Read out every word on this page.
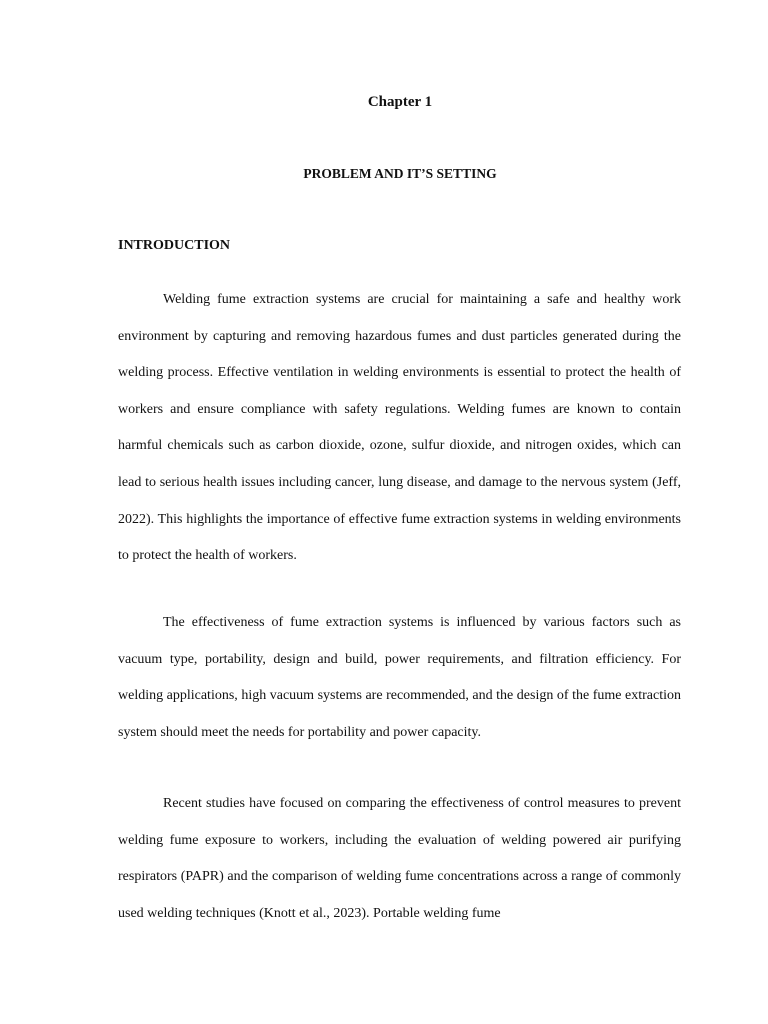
Chapter 1
PROBLEM AND IT’S SETTING
INTRODUCTION

Welding fume extraction systems are crucial for maintaining a safe and healthy work environment by capturing and removing hazardous fumes and dust particles generated during the welding process. Effective ventilation in welding environments is essential to protect the health of workers and ensure compliance with safety regulations. Welding fumes are known to contain harmful chemicals such as carbon dioxide, ozone, sulfur dioxide, and nitrogen oxides, which can lead to serious health issues including cancer, lung disease, and damage to the nervous system (Jeff, 2022). This highlights the importance of effective fume extraction systems in welding environments to protect the health of workers.

The effectiveness of fume extraction systems is influenced by various factors such as vacuum type, portability, design and build, power requirements, and filtration efficiency. For welding applications, high vacuum systems are recommended, and the design of the fume extraction system should meet the needs for portability and power capacity.

Recent studies have focused on comparing the effectiveness of control measures to prevent welding fume exposure to workers, including the evaluation of welding powered air purifying respirators (PAPR) and the comparison of welding fume concentrations across a range of commonly used welding techniques (Knott et al., 2023). Portable welding fume
